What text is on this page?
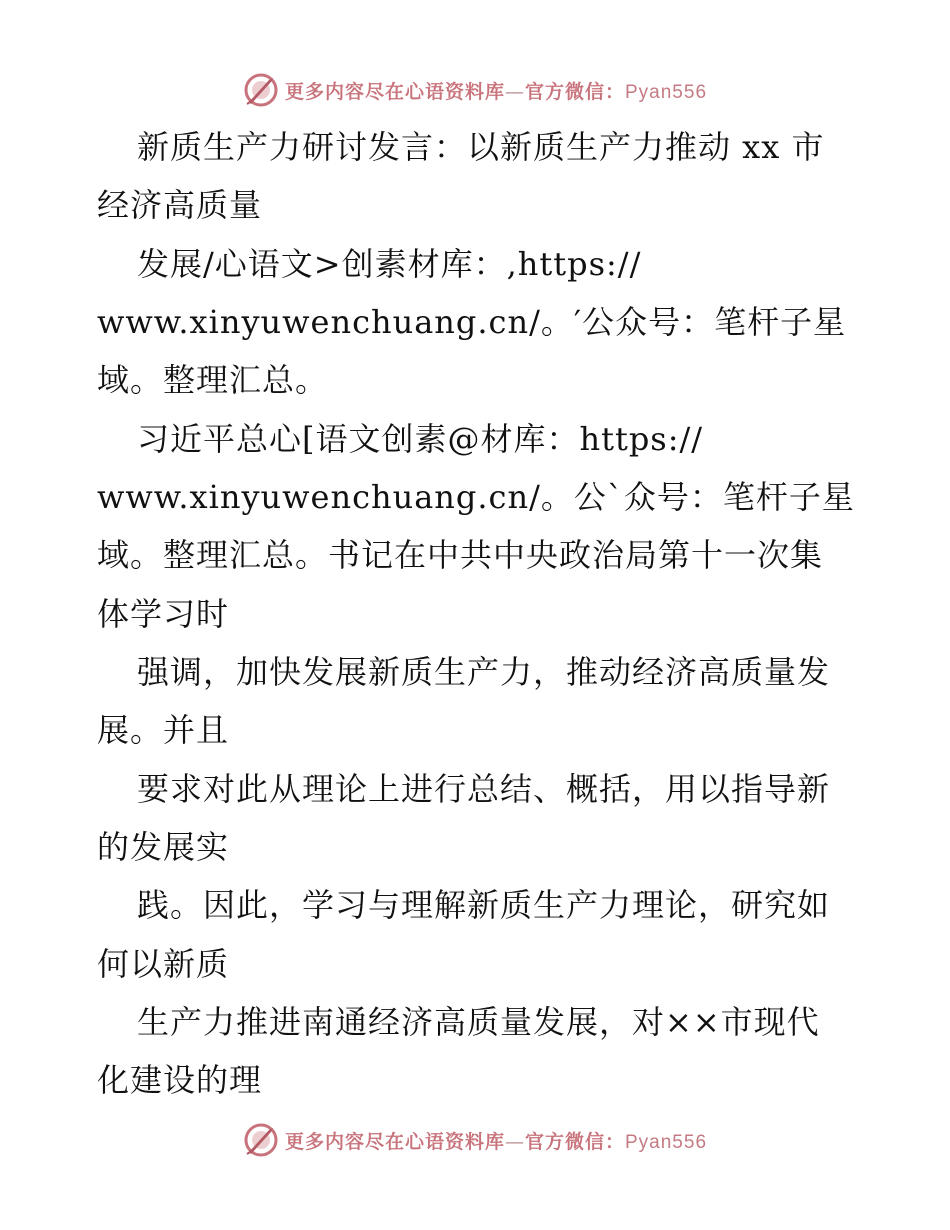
更多内容尽在心语资料库—官方微信：Pyan556
新质生产力研讨发言：以新质生产力推动 xx 市
经济高质量
发展/心语文>创素材库：,https://
www.xinyuwenchuang.cn/。′公众号：笔杆子星
域。整理汇总。
习近平总心[语文创素@材库：https://
www.xinyuwenchuang.cn/。公`众号：笔杆子星
域。整理汇总。书记在中共中央政治局第十一次集
体学习时
强调，加快发展新质生产力，推动经济高质量发
展。并且
要求对此从理论上进行总结、概括，用以指导新
的发展实
践。因此，学习与理解新质生产力理论，研究如
何以新质
生产力推进南通经济高质量发展，对××市现代
化建设的理
更多内容尽在心语资料库—官方微信：Pyan556
